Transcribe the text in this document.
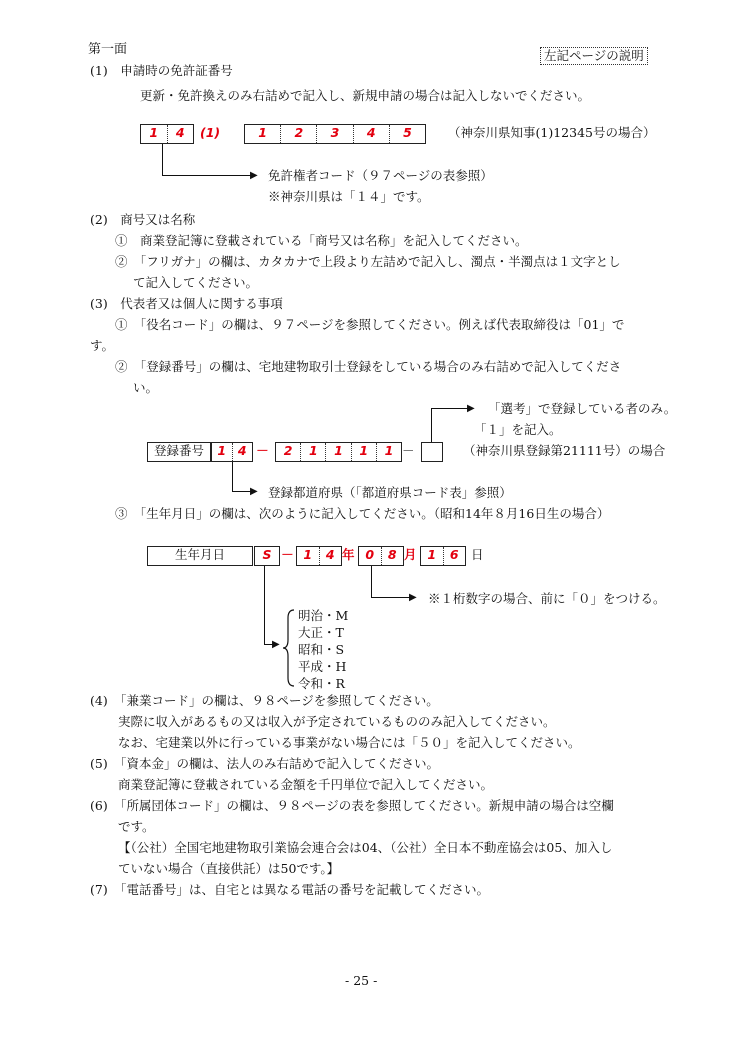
第一面	左記ページの説明
(1)　申請時の免許証番号
更新・免許換えのみ右詰めで記入し、新規申請の場合は記入しないでください。
1	4	(1)	1	2	3	4	5	（神奈川県知事(1)12345号の場合）
▶ 免許権者コード（９７ページの表参照）
※神奈川県は「１４」です。
(2)　商号又は名称
①　商業登記簿に登載されている「商号又は名称」を記入してください。
②　「フリガナ」の欄は、カタカナで上段より左詰めで記入し、濁点・半濁点は１文字とし
て記入してください。
(3)　代表者又は個人に関する事項
①　「役名コード」の欄は、９７ページを参照してください。例えば代表取締役は「01」で
す。
②　「登録番号」の欄は、宅地建物取引士登録をしている場合のみ右詰めで記入してくださ
い。
▶ 「選考」で登録している者のみ。
「１」を記入。
登録番号	1 4 －	2	1	1	1	1 －	（神奈川県登録第21111号）の場合
▶ 登録都道府県（「都道府県コード表」参照）
③　「生年月日」の欄は、次のように記入してください。（昭和14年８月16日生の場合）
生年月日	S － 1	4 年 0	8 月 1	6 日
▶ ※１桁数字の場合、前に「０」をつける。
▶
明治・M
大正・T
昭和・S
平成・H
令和・R
(4)　「兼業コード」の欄は、９８ページを参照してください。
実際に収入があるもの又は収入が予定されているもののみ記入してください。
なお、宅建業以外に行っている事業がない場合には「５０」を記入してください。
(5)　「資本金」の欄は、法人のみ右詰めで記入してください。
商業登記簿に登載されている金額を千円単位で記入してください。
(6)　「所属団体コード」の欄は、９８ページの表を参照してください。新規申請の場合は空欄
です。
【（公社）全国宅地建物取引業協会連合会は04、（公社）全日本不動産協会は05、加入し
ていない場合（直接供託）は50です。】
(7)　「電話番号」は、自宅とは異なる電話の番号を記載してください。
- 25 -
